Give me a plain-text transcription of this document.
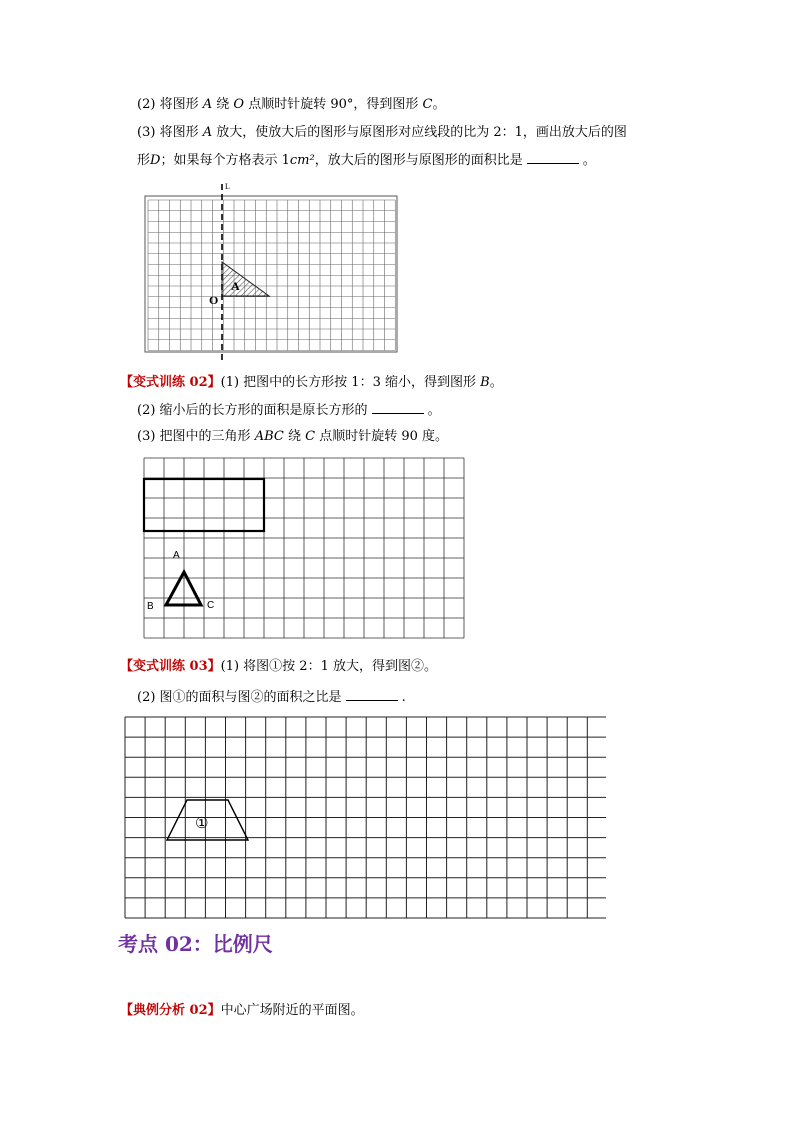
(2) 将图形 A 绕 O 点顺时针旋转 90°，得到图形 C。
(3) 将图形 A 放大，使放大后的图形与原图形对应线段的比为 2：1，画出放大后的图
形D；如果每个方格表示 1cm²，放大后的图形与原图形的面积比是	。
L
O
A
【变式训练 02】(1) 把图中的长方形按 1：3 缩小，得到图形 B。
(2) 缩小后的长方形的面积是原长方形的	。
(3) 把图中的三角形 ABC 绕 C 点顺时针旋转 90 度。
A
B	C
【变式训练 03】(1) 将图①按 2：1 放大，得到图②。
(2) 图①的面积与图②的面积之比是	.
①
考点 02：比例尺
【典例分析 02】中心广场附近的平面图。
